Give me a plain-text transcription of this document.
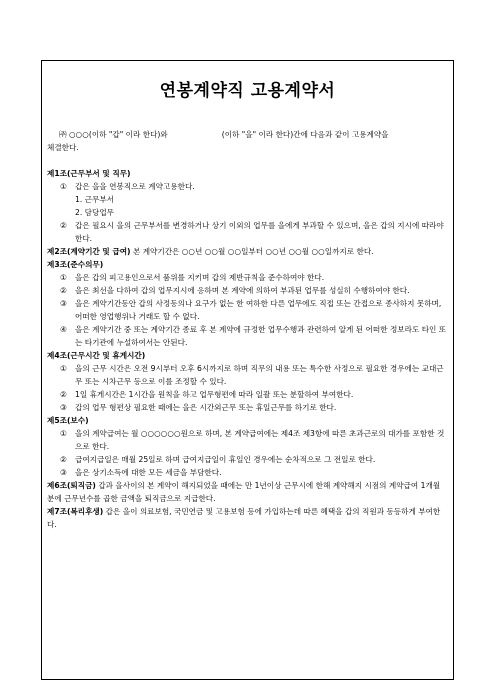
연봉계약직 고용계약서
㈜ ○○○(이하 "갑" 이라 한다)와	(이하 "을" 이라 한다)간에 다음과 같이 고용계약을
체결한다.
제1조(근무부서 및 직무)
①	갑은 을을 연봉직으로 계약고용한다.
1. 근무부서
2. 담당업무
②	갑은 필요시 을의 근무부서를 변경하거나 상기 이외의 업무를 을에게 부과할 수 있으며, 을은 갑의 지시에 따라야 한다.
제2조(계약기간 및 급여) 본 계약기간은 ○○년 ○○월 ○○일부터 ○○년 ○○월 ○○일까지로 한다.
제3조(준수의무)
①	을은 갑의 피고용인으로서 품위를 지키며 갑의 제반규칙을 준수하여야 한다.
②	을은 최선을 다하여 갑의 업무지시에 응하며 본 계약에 의하여 부과된 업무를 성실히 수행하여야 한다.
③	을은 계약기간동안 갑의 사정동의나 요구가 없는 한 여하한 다른 업무에도 직접 또는 간접으로 종사하지 못하며, 어떠한 영업행위나 거래도 할 수 없다.
④	을은 계약기간 중 또는 계약기간 종료 후 본 계약에 규정한 업무수행과 관련하여 알게 된 어떠한 정보라도 타인 또는 타기관에 누설하여서는 안된다.
제4조(근무시간 및 휴게시간)
①	을의 근무 시간은 오전 9시부터 오후 6시까지로 하며 직무의 내용 또는 특수한 사정으로 필요한 경우에는 교대근무 또는 시차근무 등으로 이를 조정할 수 있다.
②	1일 휴게시간은 1시간을 원칙을 하고 업무형편에 따라 일괄 또는 분할하여 부여한다.
③	갑의 업무 형편상 필요한 때에는 을은 시간외근무 또는 휴일근무를 하기로 한다.
제5조(보수)
①	을의 계약급여는 월 ○○○○○○원으로 하며, 본 계약급여에는 제4조 제3항에 따른 초과근로의 대가를 포함한 것으로 한다.
②	급여지급일은 매월 25일로 하며 급여지급일이 휴일인 경우에는 순차적으로 그 전일로 한다.
③	을은 상기소득에 대한 모든 세금을 부담한다.
제6조(퇴직금) 갑과 을사이의 본 계약이 해지되었을 때에는 만 1년이상 근무시에 한해 계약해지 시점의 계약급여 1개월분에 근무년수를 곱한 금액을 퇴직금으로 지급한다.
제7조(복리후생) 갑은 을이 의료보험, 국민연금 및 고용보험 등에 가입하는데 따른 혜택을 갑의 직원과 동등하게 부여한다.
